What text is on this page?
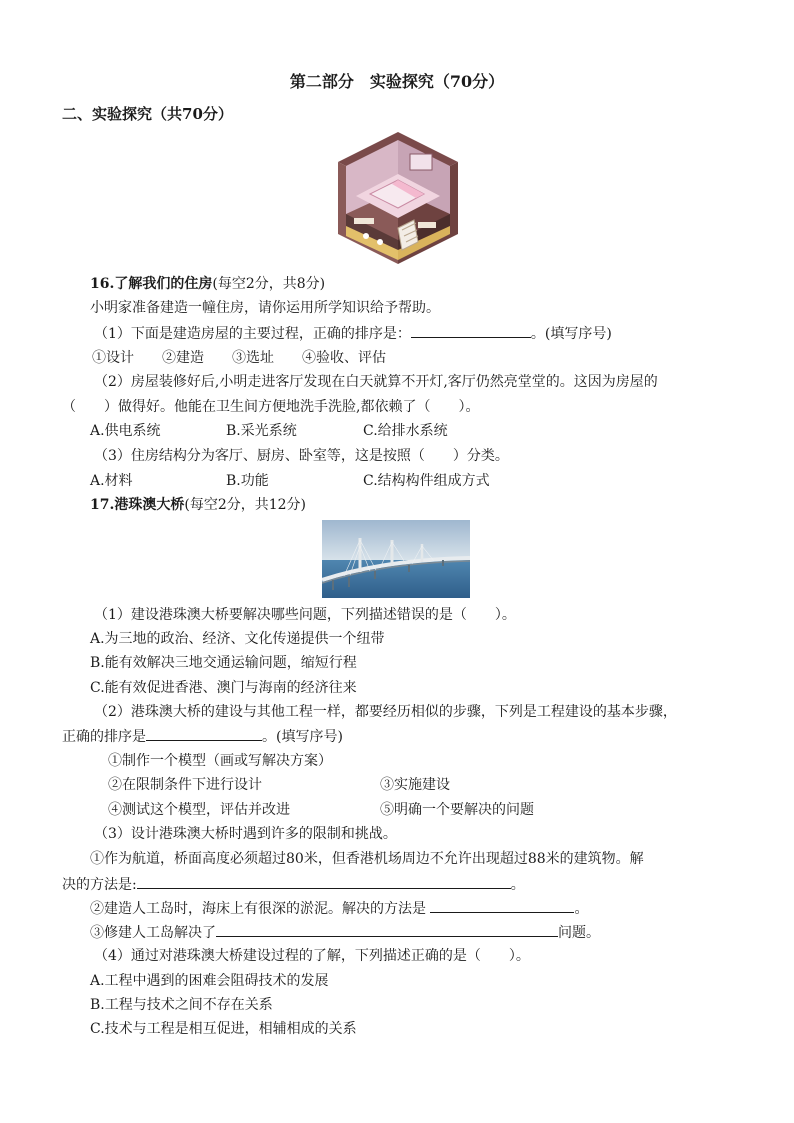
第二部分　实验探究（70分）
二、实验探究（共70分）
16.了解我们的住房(每空2分，共8分)
小明家准备建造一幢住房，请你运用所学知识给予帮助。
（1）下面是建造房屋的主要过程，正确的排序是：	。(填写序号)
①设计　　②建造　　③选址　　④验收、评估
（2）房屋装修好后,小明走进客厅发现在白天就算不开灯,客厅仍然亮堂堂的。这因为房屋的
（　　）做得好。他能在卫生间方便地洗手洗脸,都依赖了（　　）。
A.供电系统	B.采光系统	C.给排水系统
（3）住房结构分为客厅、厨房、卧室等，这是按照（　　）分类。
A.材料	B.功能	C.结构构件组成方式
17.港珠澳大桥(每空2分，共12分)
（1）建设港珠澳大桥要解决哪些问题，下列描述错误的是（　　）。
A.为三地的政治、经济、文化传递提供一个纽带
B.能有效解决三地交通运输问题，缩短行程
C.能有效促进香港、澳门与海南的经济往来
（2）港珠澳大桥的建设与其他工程一样，都要经历相似的步骤，下列是工程建设的基本步骤，
正确的排序是	。(填写序号)
①制作一个模型（画或写解决方案）
②在限制条件下进行设计	③实施建设
④测试这个模型，评估并改进	⑤明确一个要解决的问题
（3）设计港珠澳大桥时遇到许多的限制和挑战。
①作为航道，桥面高度必须超过80米，但香港机场周边不允许出现超过88米的建筑物。解
决的方法是:	。
②建造人工岛时，海床上有很深的淤泥。解决的方法是	。
③修建人工岛解决了	问题。
（4）通过对港珠澳大桥建设过程的了解，下列描述正确的是（　　）。
A.工程中遇到的困难会阻碍技术的发展
B.工程与技术之间不存在关系
C.技术与工程是相互促进，相辅相成的关系
